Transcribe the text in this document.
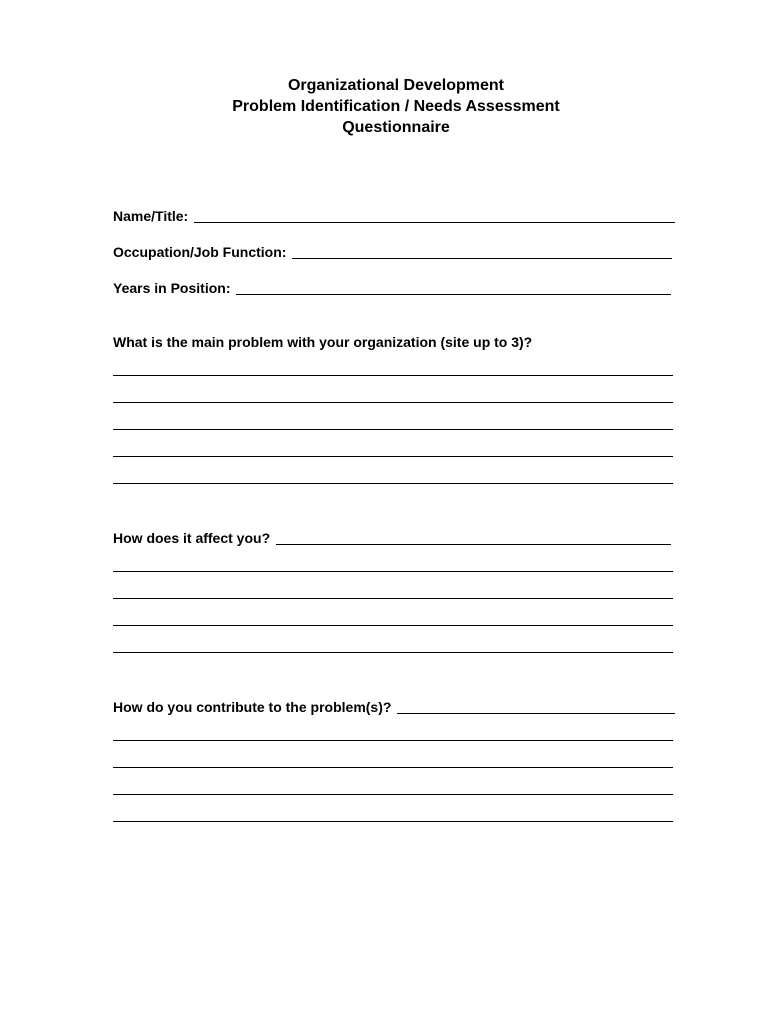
Organizational Development
Problem Identification / Needs Assessment
Questionnaire
Name/Title:
Occupation/Job Function:
Years in Position:
What is the main problem with your organization (site up to 3)?
How does it affect you?
How do you contribute to the problem(s)?
